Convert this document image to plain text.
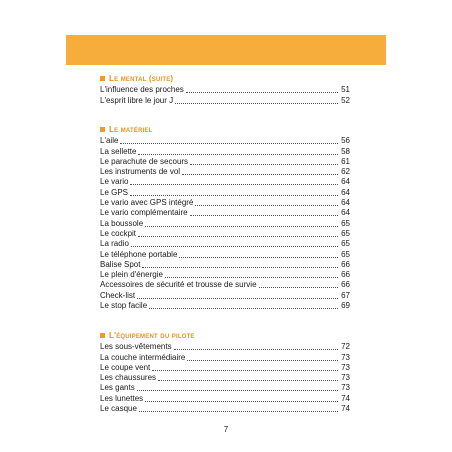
Le mental (suite)
L'influence des proches	51
L'esprit libre le jour J	52
Le matériel
L'aile	56
La sellette	58
Le parachute de secours	61
Les instruments de vol	62
Le vario	64
Le GPS	64
Le vario avec GPS intégré	64
Le vario complémentaire	64
La boussole	65
Le cockpit	65
La radio	65
Le téléphone portable	65
Balise Spot	66
Le plein d'énergie	66
Accessoires de sécurité et trousse de survie	66
Check-list	67
Le stop facile	69
L'équipement du pilote
Les sous-vêtements	72
La couche intermédiaire	73
Le coupe vent	73
Les chaussures	73
Les gants	73
Les lunettes	74
Le casque	74
7
